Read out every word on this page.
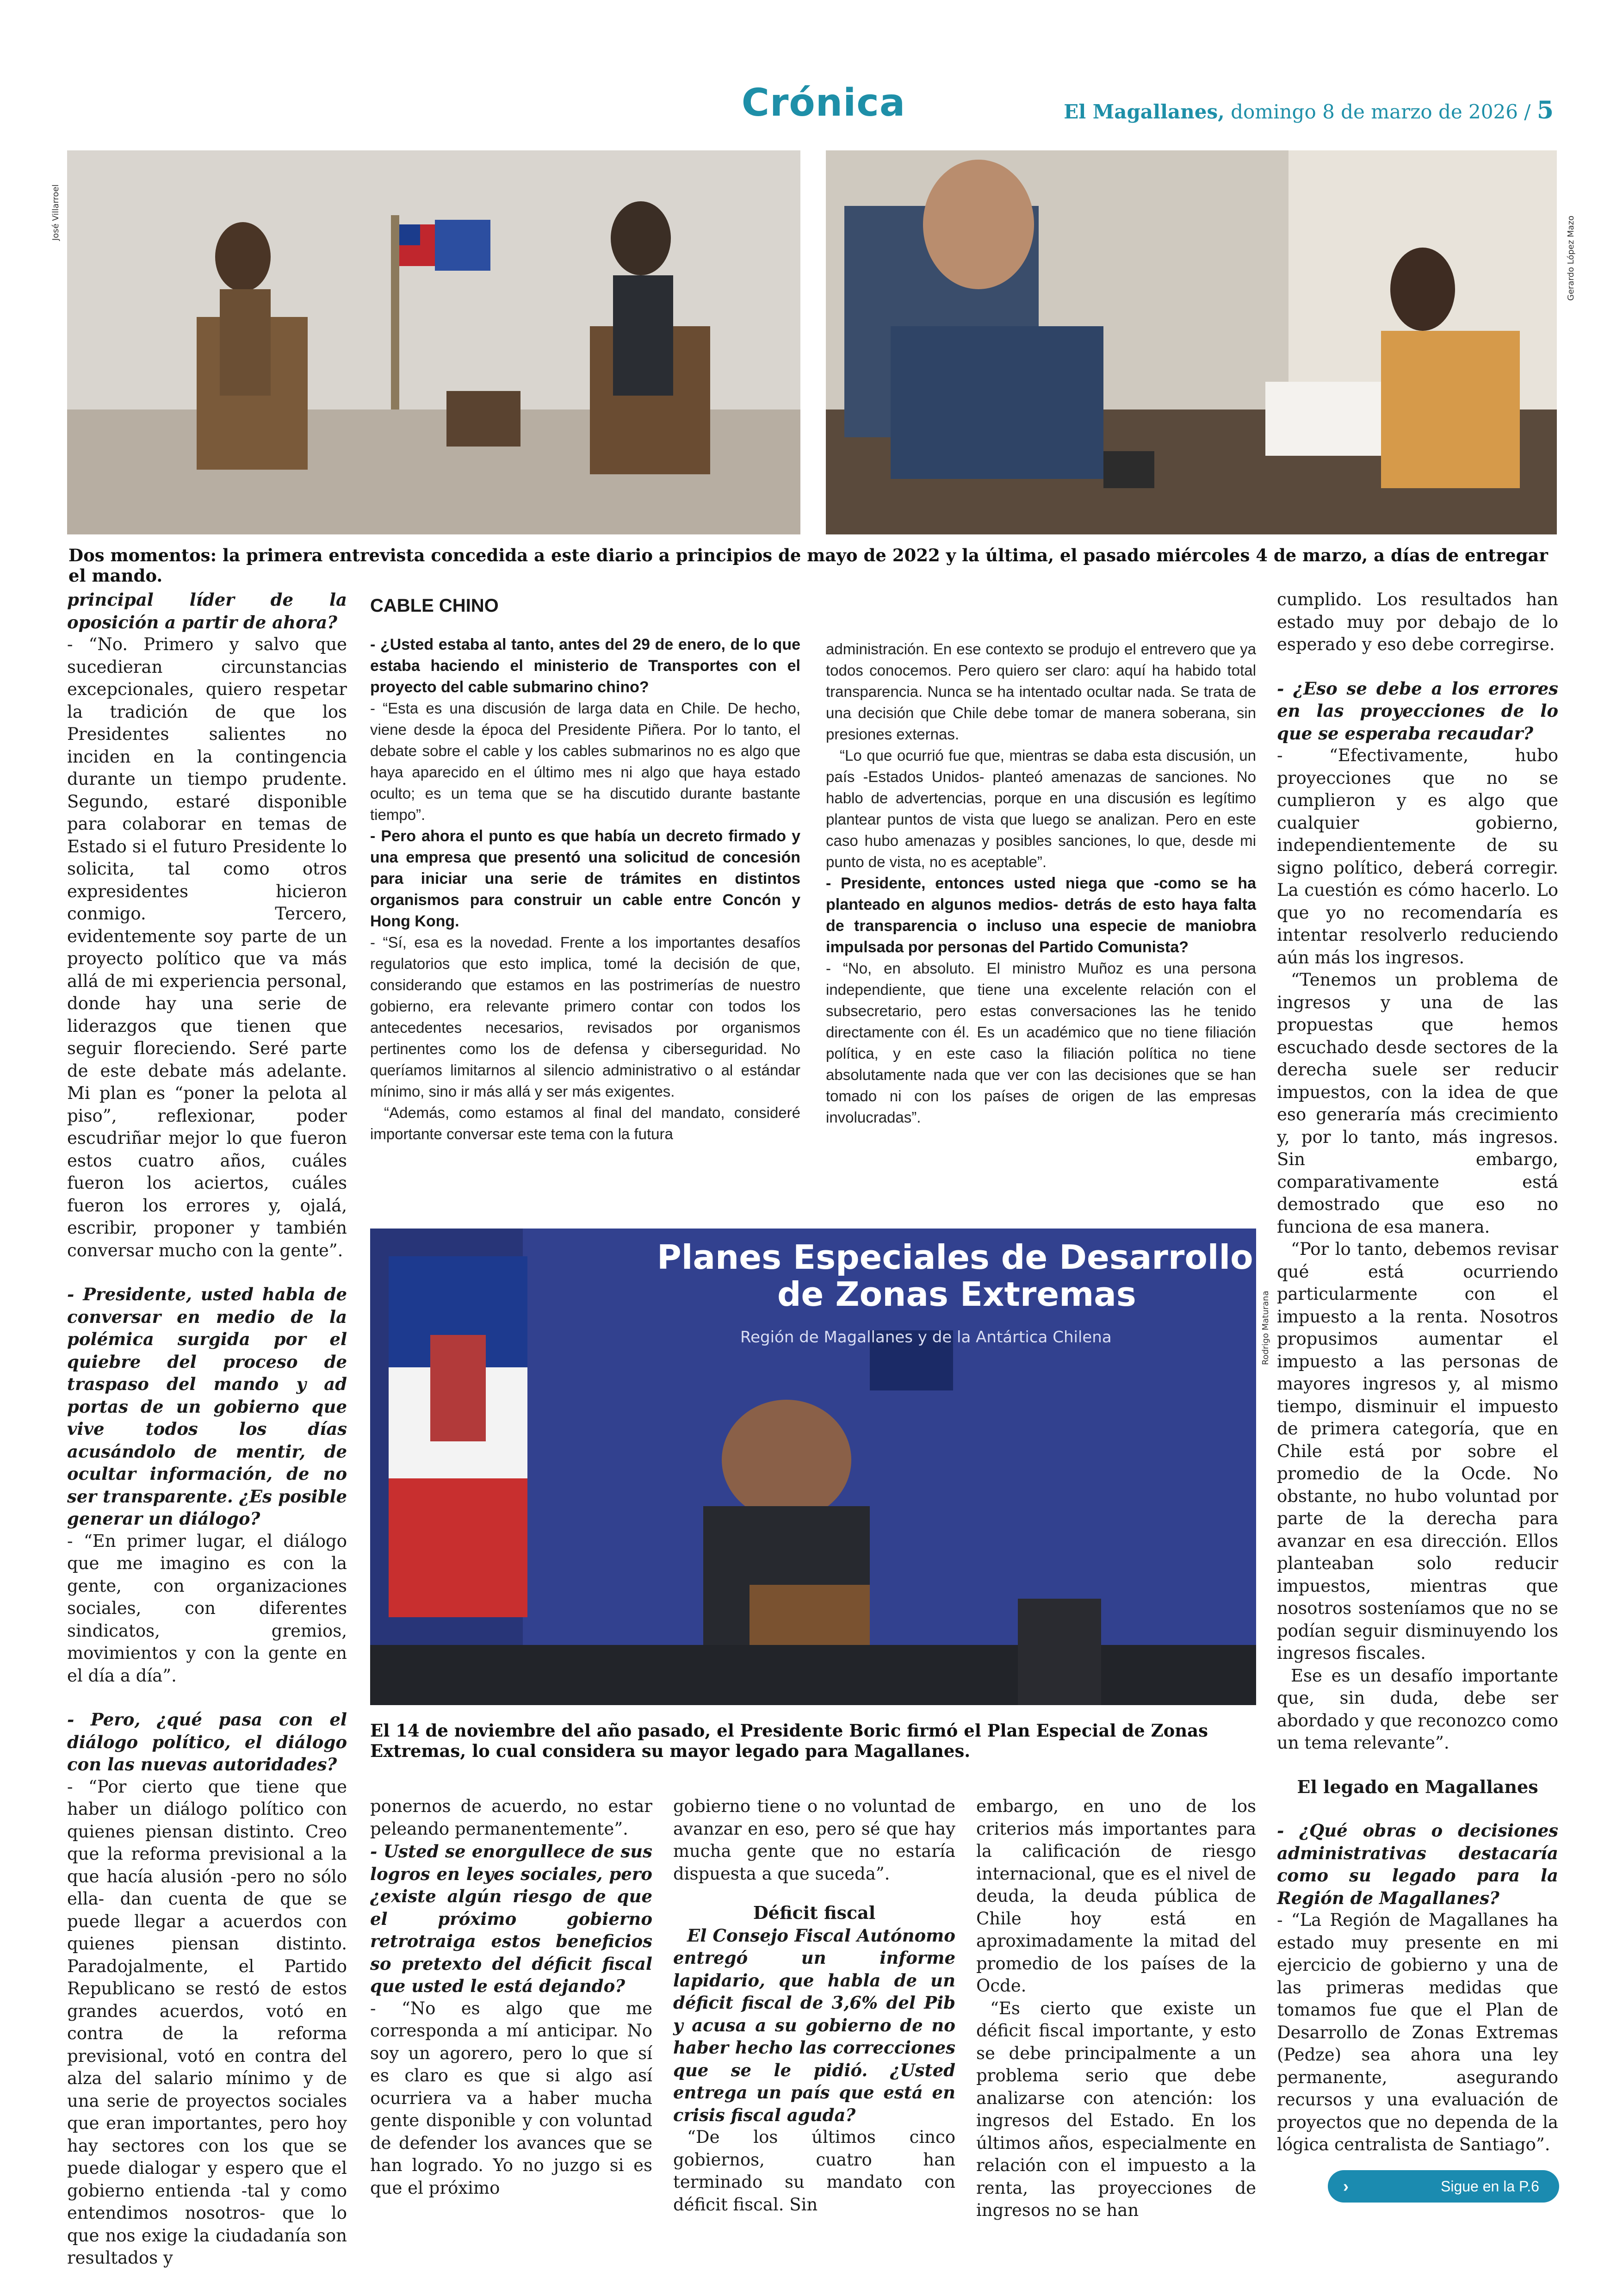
Crónica	El Magallanes, domingo 8 de marzo de 2026 / 5
José Villarroel
Gerardo López Mazo
Dos momentos: la primera entrevista concedida a este diario a principios de mayo de 2022 y la última, el pasado miércoles 4 de marzo, a días de entregar el mando.

principal líder de la oposición a partir de ahora?

- “No. Primero y salvo que sucedieran circunstancias excepcionales, quiero respetar la tradición de que los Presidentes salientes no inciden en la contingencia durante un tiempo prudente. Segundo, estaré disponible para colaborar en temas de Estado si el futuro Presidente lo solicita, tal como otros expresidentes hicieron conmigo. Tercero, evidentemente soy parte de un proyecto político que va más allá de mi experiencia personal, donde hay una serie de liderazgos que tienen que seguir floreciendo. Seré parte de este debate más adelante. Mi plan es “poner la pelota al piso”, reflexionar, poder escudriñar mejor lo que fueron estos cuatro años, cuáles fueron los aciertos, cuáles fueron los errores y, ojalá, escribir, proponer y también conversar mucho con la gente”.

- Presidente, usted habla de conversar en medio de la polémica surgida por el quiebre del proceso de traspaso del mando y ad portas de un gobierno que vive todos los días acusándolo de mentir, de ocultar información, de no ser transparente. ¿Es posible generar un diálogo?

- “En primer lugar, el diálogo que me imagino es con la gente, con organizaciones sociales, con diferentes sindicatos, gremios, movimientos y con la gente en el día a día”.

- Pero, ¿qué pasa con el diálogo político, el diálogo con las nuevas autoridades?

- “Por cierto que tiene que haber un diálogo político con quienes piensan distinto. Creo que la reforma previsional a la que hacía alusión -pero no sólo ella- dan cuenta de que se puede llegar a acuerdos con quienes piensan distinto. Paradojalmente, el Partido Republicano se restó de estos grandes acuerdos, votó en contra de la reforma previsional, votó en contra del alza del salario mínimo y de una serie de proyectos sociales que eran importantes, pero hoy hay sectores con los que se puede dialogar y espero que el gobierno entienda -tal y como entendimos nosotros- que lo que nos exige la ciudadanía son resultados y

CABLE CHINO

- ¿Usted estaba al tanto, antes del 29 de enero, de lo que estaba haciendo el ministerio de Transportes con el proyecto del cable submarino chino?

- “Esta es una discusión de larga data en Chile. De hecho, viene desde la época del Presidente Piñera. Por lo tanto, el debate sobre el cable y los cables submarinos no es algo que haya aparecido en el último mes ni algo que haya estado oculto; es un tema que se ha discutido durante bastante tiempo”.

- Pero ahora el punto es que había un decreto firmado y una empresa que presentó una solicitud de concesión para iniciar una serie de trámites en distintos organismos para construir un cable entre Concón y Hong Kong.

- “Sí, esa es la novedad. Frente a los importantes desafíos regulatorios que esto implica, tomé la decisión de que, considerando que estamos en las postrimerías de nuestro gobierno, era relevante primero contar con todos los antecedentes necesarios, revisados por organismos pertinentes como los de defensa y ciberseguridad. No queríamos limitarnos al silencio administrativo o al estándar mínimo, sino ir más allá y ser más exigentes.

“Además, como estamos al final del mandato, consideré importante conversar este tema con la futura

administración. En ese contexto se produjo el entrevero que ya todos conocemos. Pero quiero ser claro: aquí ha habido total transparencia. Nunca se ha intentado ocultar nada. Se trata de una decisión que Chile debe tomar de manera soberana, sin presiones externas.

“Lo que ocurrió fue que, mientras se daba esta discusión, un país -Estados Unidos- planteó amenazas de sanciones. No hablo de advertencias, porque en una discusión es legítimo plantear puntos de vista que luego se analizan. Pero en este caso hubo amenazas y posibles sanciones, lo que, desde mi punto de vista, no es aceptable”.

- Presidente, entonces usted niega que -como se ha planteado en algunos medios- detrás de esto haya falta de transparencia o incluso una especie de maniobra impulsada por personas del Partido Comunista?

- “No, en absoluto. El ministro Muñoz es una persona independiente, que tiene una excelente relación con el subsecretario, pero estas conversaciones las he tenido directamente con él. Es un académico que no tiene filiación política, y en este caso la filiación política no tiene absolutamente nada que ver con las decisiones que se han tomado ni con los países de origen de las empresas involucradas”.

Planes Especiales de Desarrollo
de Zonas Extremas
Región de Magallanes y de la Antártica Chilena	Rodrigo Maturana
El 14 de noviembre del año pasado, el Presidente Boric firmó el Plan Especial de Zonas Extremas, lo cual considera su mayor legado para Magallanes.

ponernos de acuerdo, no estar peleando permanentemente”.

- Usted se enorgullece de sus logros en leyes sociales, pero ¿existe algún riesgo de que el próximo gobierno retrotraiga estos beneficios so pretexto del déficit fiscal que usted le está dejando?

- “No es algo que me corresponda a mí anticipar. No soy un agorero, pero lo que sí es claro es que si algo así ocurriera va a haber mucha gente disponible y con voluntad de defender los avances que se han logrado. Yo no juzgo si es que el próximo

gobierno tiene o no voluntad de avanzar en eso, pero sé que hay mucha gente que no estaría dispuesta a que suceda”.

Déficit fiscal

El Consejo Fiscal Autónomo entregó un informe lapidario, que habla de un déficit fiscal de 3,6% del Pib y acusa a su gobierno de no haber hecho las correcciones que se le pidió. ¿Usted entrega un país que está en crisis fiscal aguda?

“De los últimos cinco gobiernos, cuatro han terminado su mandato con déficit fiscal. Sin

embargo, en uno de los criterios más importantes para la calificación de riesgo internacional, que es el nivel de deuda, la deuda pública de Chile hoy está en aproximadamente la mitad del promedio de los países de la Ocde.

“Es cierto que existe un déficit fiscal importante, y esto se debe principalmente a un problema serio que debe analizarse con atención: los ingresos del Estado. En los últimos años, especialmente en relación con el impuesto a la renta, las proyecciones de ingresos no se han

cumplido. Los resultados han estado muy por debajo de lo esperado y eso debe corregirse.

- ¿Eso se debe a los errores en las proyecciones de lo que se esperaba recaudar?

- “Efectivamente, hubo proyecciones que no se cumplieron y es algo que cualquier gobierno, independientemente de su signo político, deberá corregir. La cuestión es cómo hacerlo. Lo que yo no recomendaría es intentar resolverlo reduciendo aún más los ingresos.

“Tenemos un problema de ingresos y una de las propuestas que hemos escuchado desde sectores de la derecha suele ser reducir impuestos, con la idea de que eso generaría más crecimiento y, por lo tanto, más ingresos. Sin embargo, comparativamente está demostrado que eso no funciona de esa manera.

“Por lo tanto, debemos revisar qué está ocurriendo particularmente con el impuesto a la renta. Nosotros propusimos aumentar el impuesto a las personas de mayores ingresos y, al mismo tiempo, disminuir el impuesto de primera categoría, que en Chile está por sobre el promedio de la Ocde. No obstante, no hubo voluntad por parte de la derecha para avanzar en esa dirección. Ellos planteaban solo reducir impuestos, mientras que nosotros sosteníamos que no se podían seguir disminuyendo los ingresos fiscales.

Ese es un desafío importante que, sin duda, debe ser abordado y que reconozco como un tema relevante”.

El legado en Magallanes

- ¿Qué obras o decisiones administrativas destacaría como su legado para la Región de Magallanes?

- “La Región de Magallanes ha estado muy presente en mi ejercicio de gobierno y una de las primeras medidas que tomamos fue que el Plan de Desarrollo de Zonas Extremas (Pedze) sea ahora una ley permanente, asegurando recursos y una evaluación de proyectos que no dependa de la lógica centralista de Santiago”.

›	Sigue en la P.6
